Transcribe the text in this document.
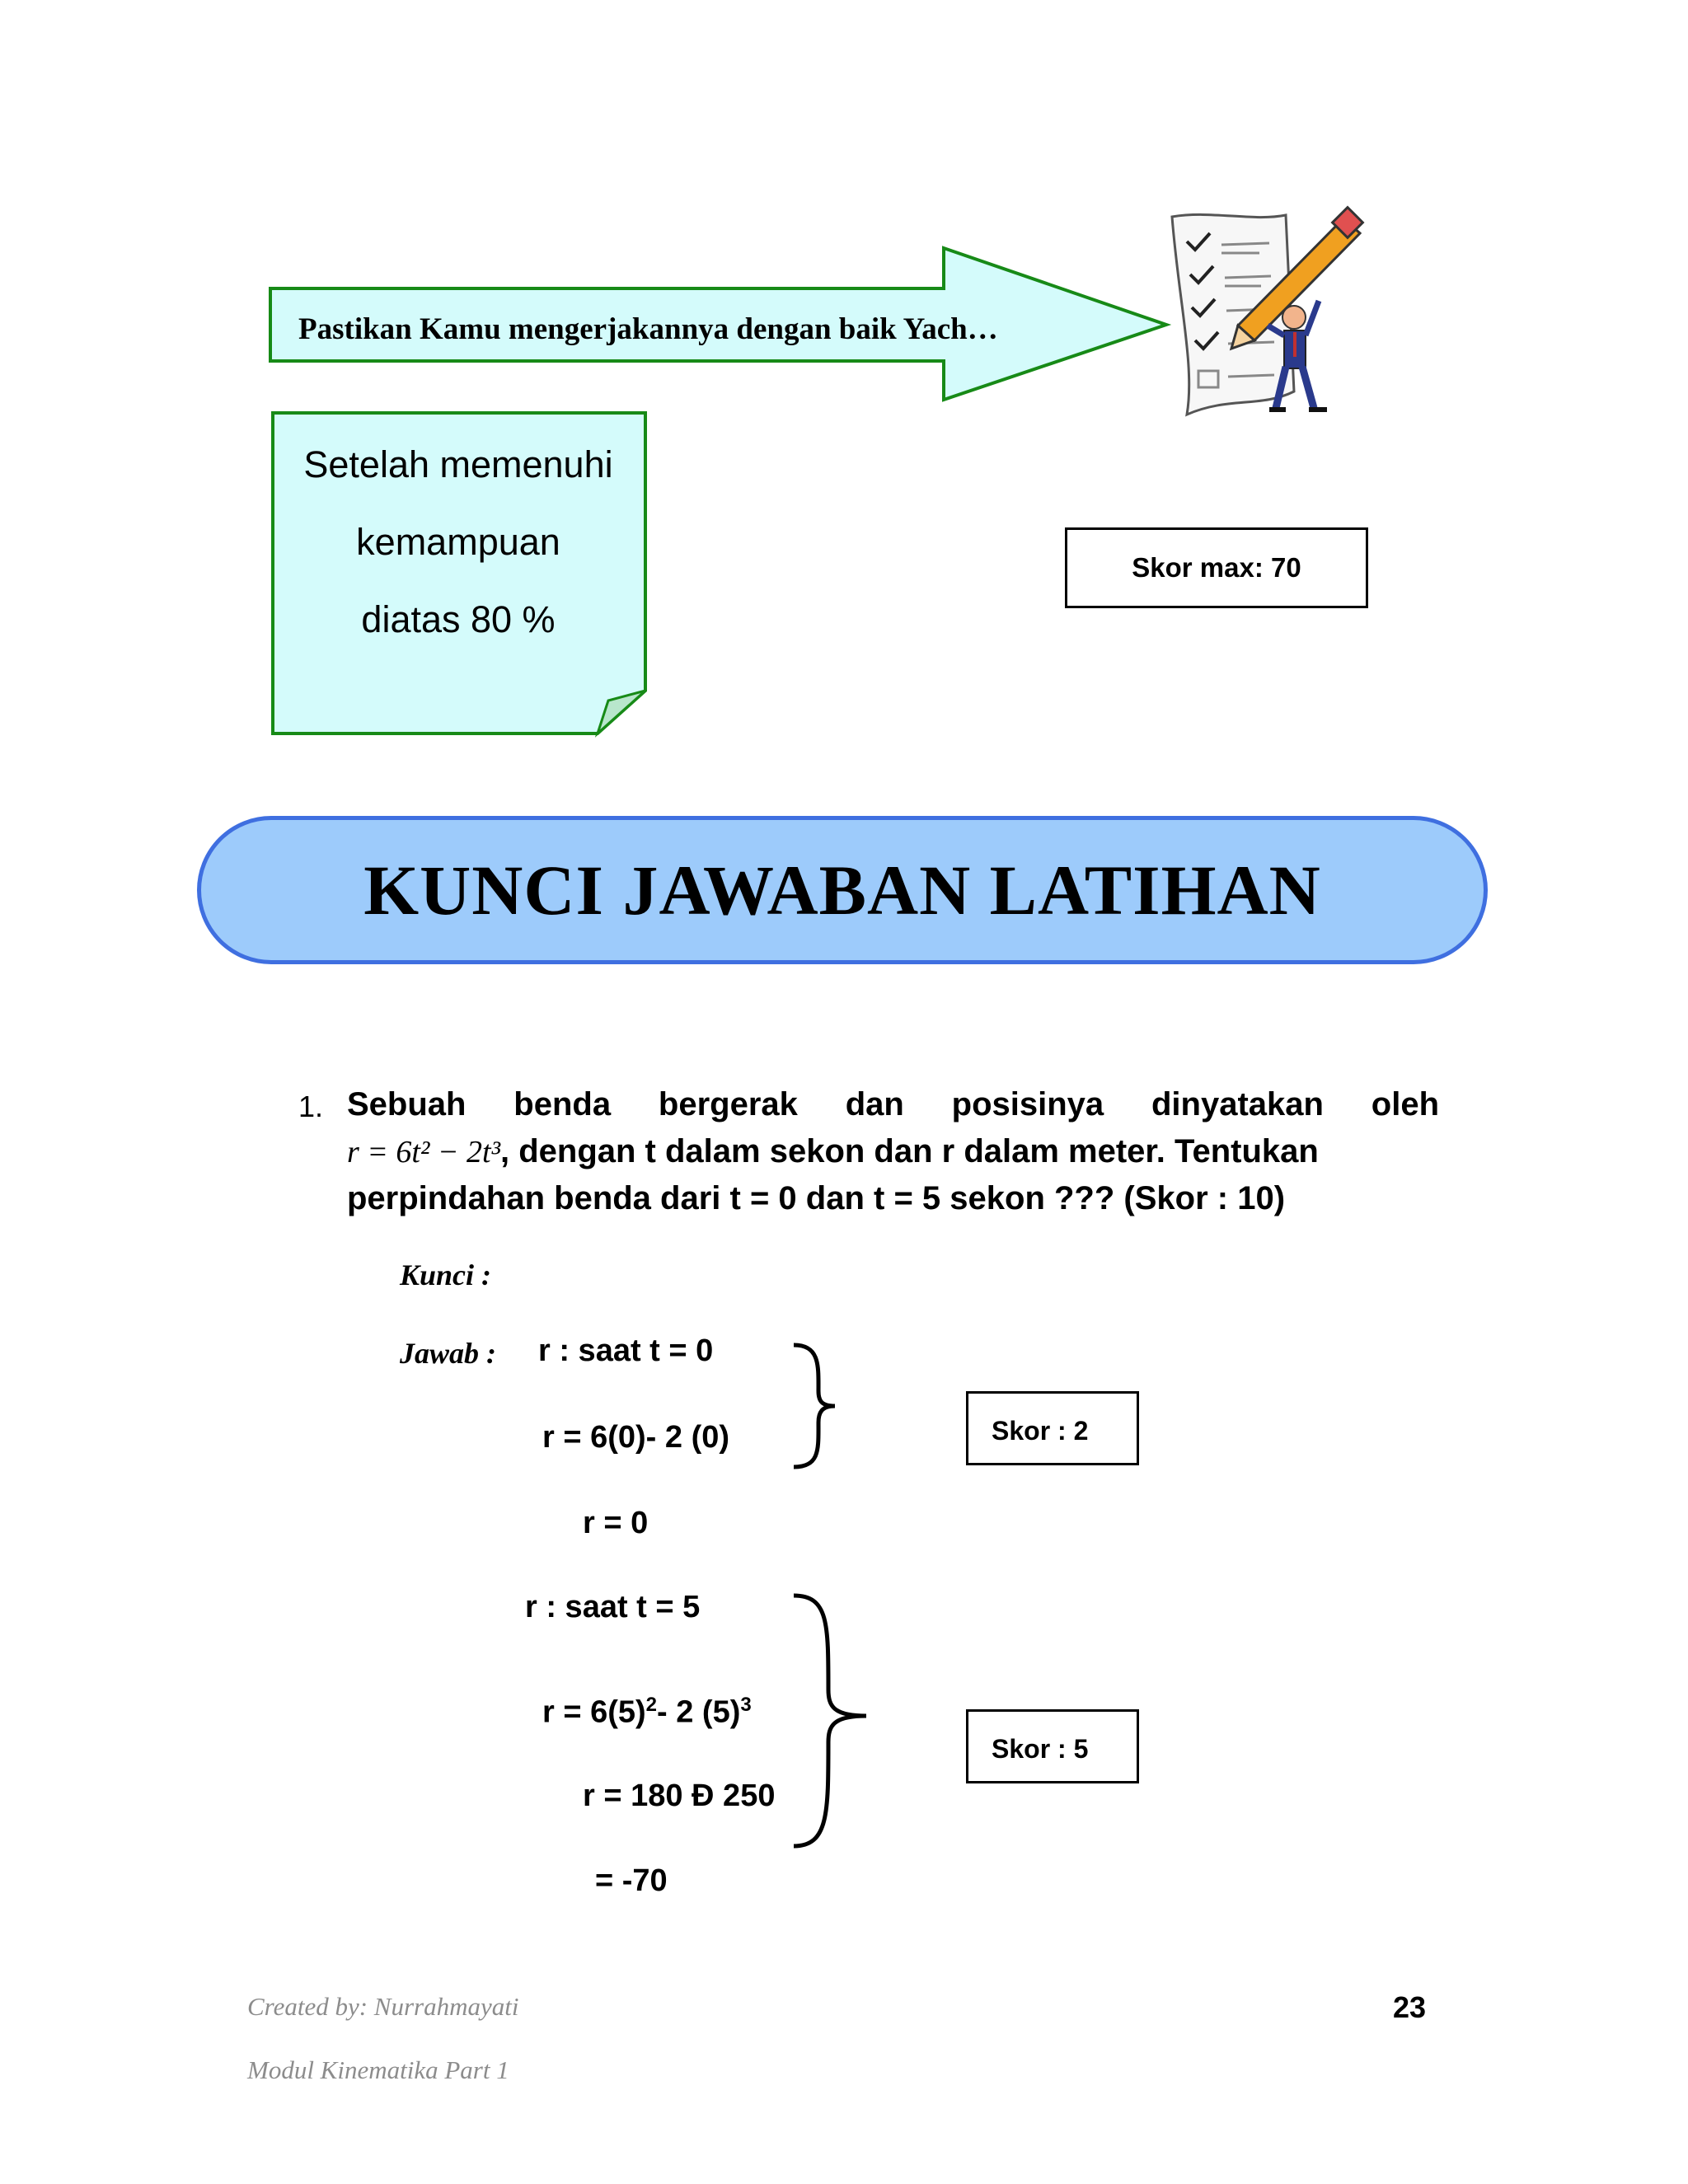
Pastikan Kamu mengerjakannya dengan baik Yach…
Setelah memenuhi
kemampuan
diatas 80 %
Skor max: 70
KUNCI JAWABAN LATIHAN
1. Sebuah benda bergerak dan posisinya dinyatakan oleh
r = 6t² − 2t³, dengan t dalam sekon dan r dalam meter. Tentukan
perpindahan benda dari t = 0 dan t = 5 sekon ??? (Skor : 10)
Kunci :
Jawab : r : saat t = 0
r = 6(0)- 2 (0)
r = 0
r : saat t = 5
$r = 6(5)^2-$ 2 $(5)^3$
r = 180 Ð 250
= -70
Skor : 2
Skor : 5
Created by: Nurrahmayati
Modul Kinematika Part 1
23
